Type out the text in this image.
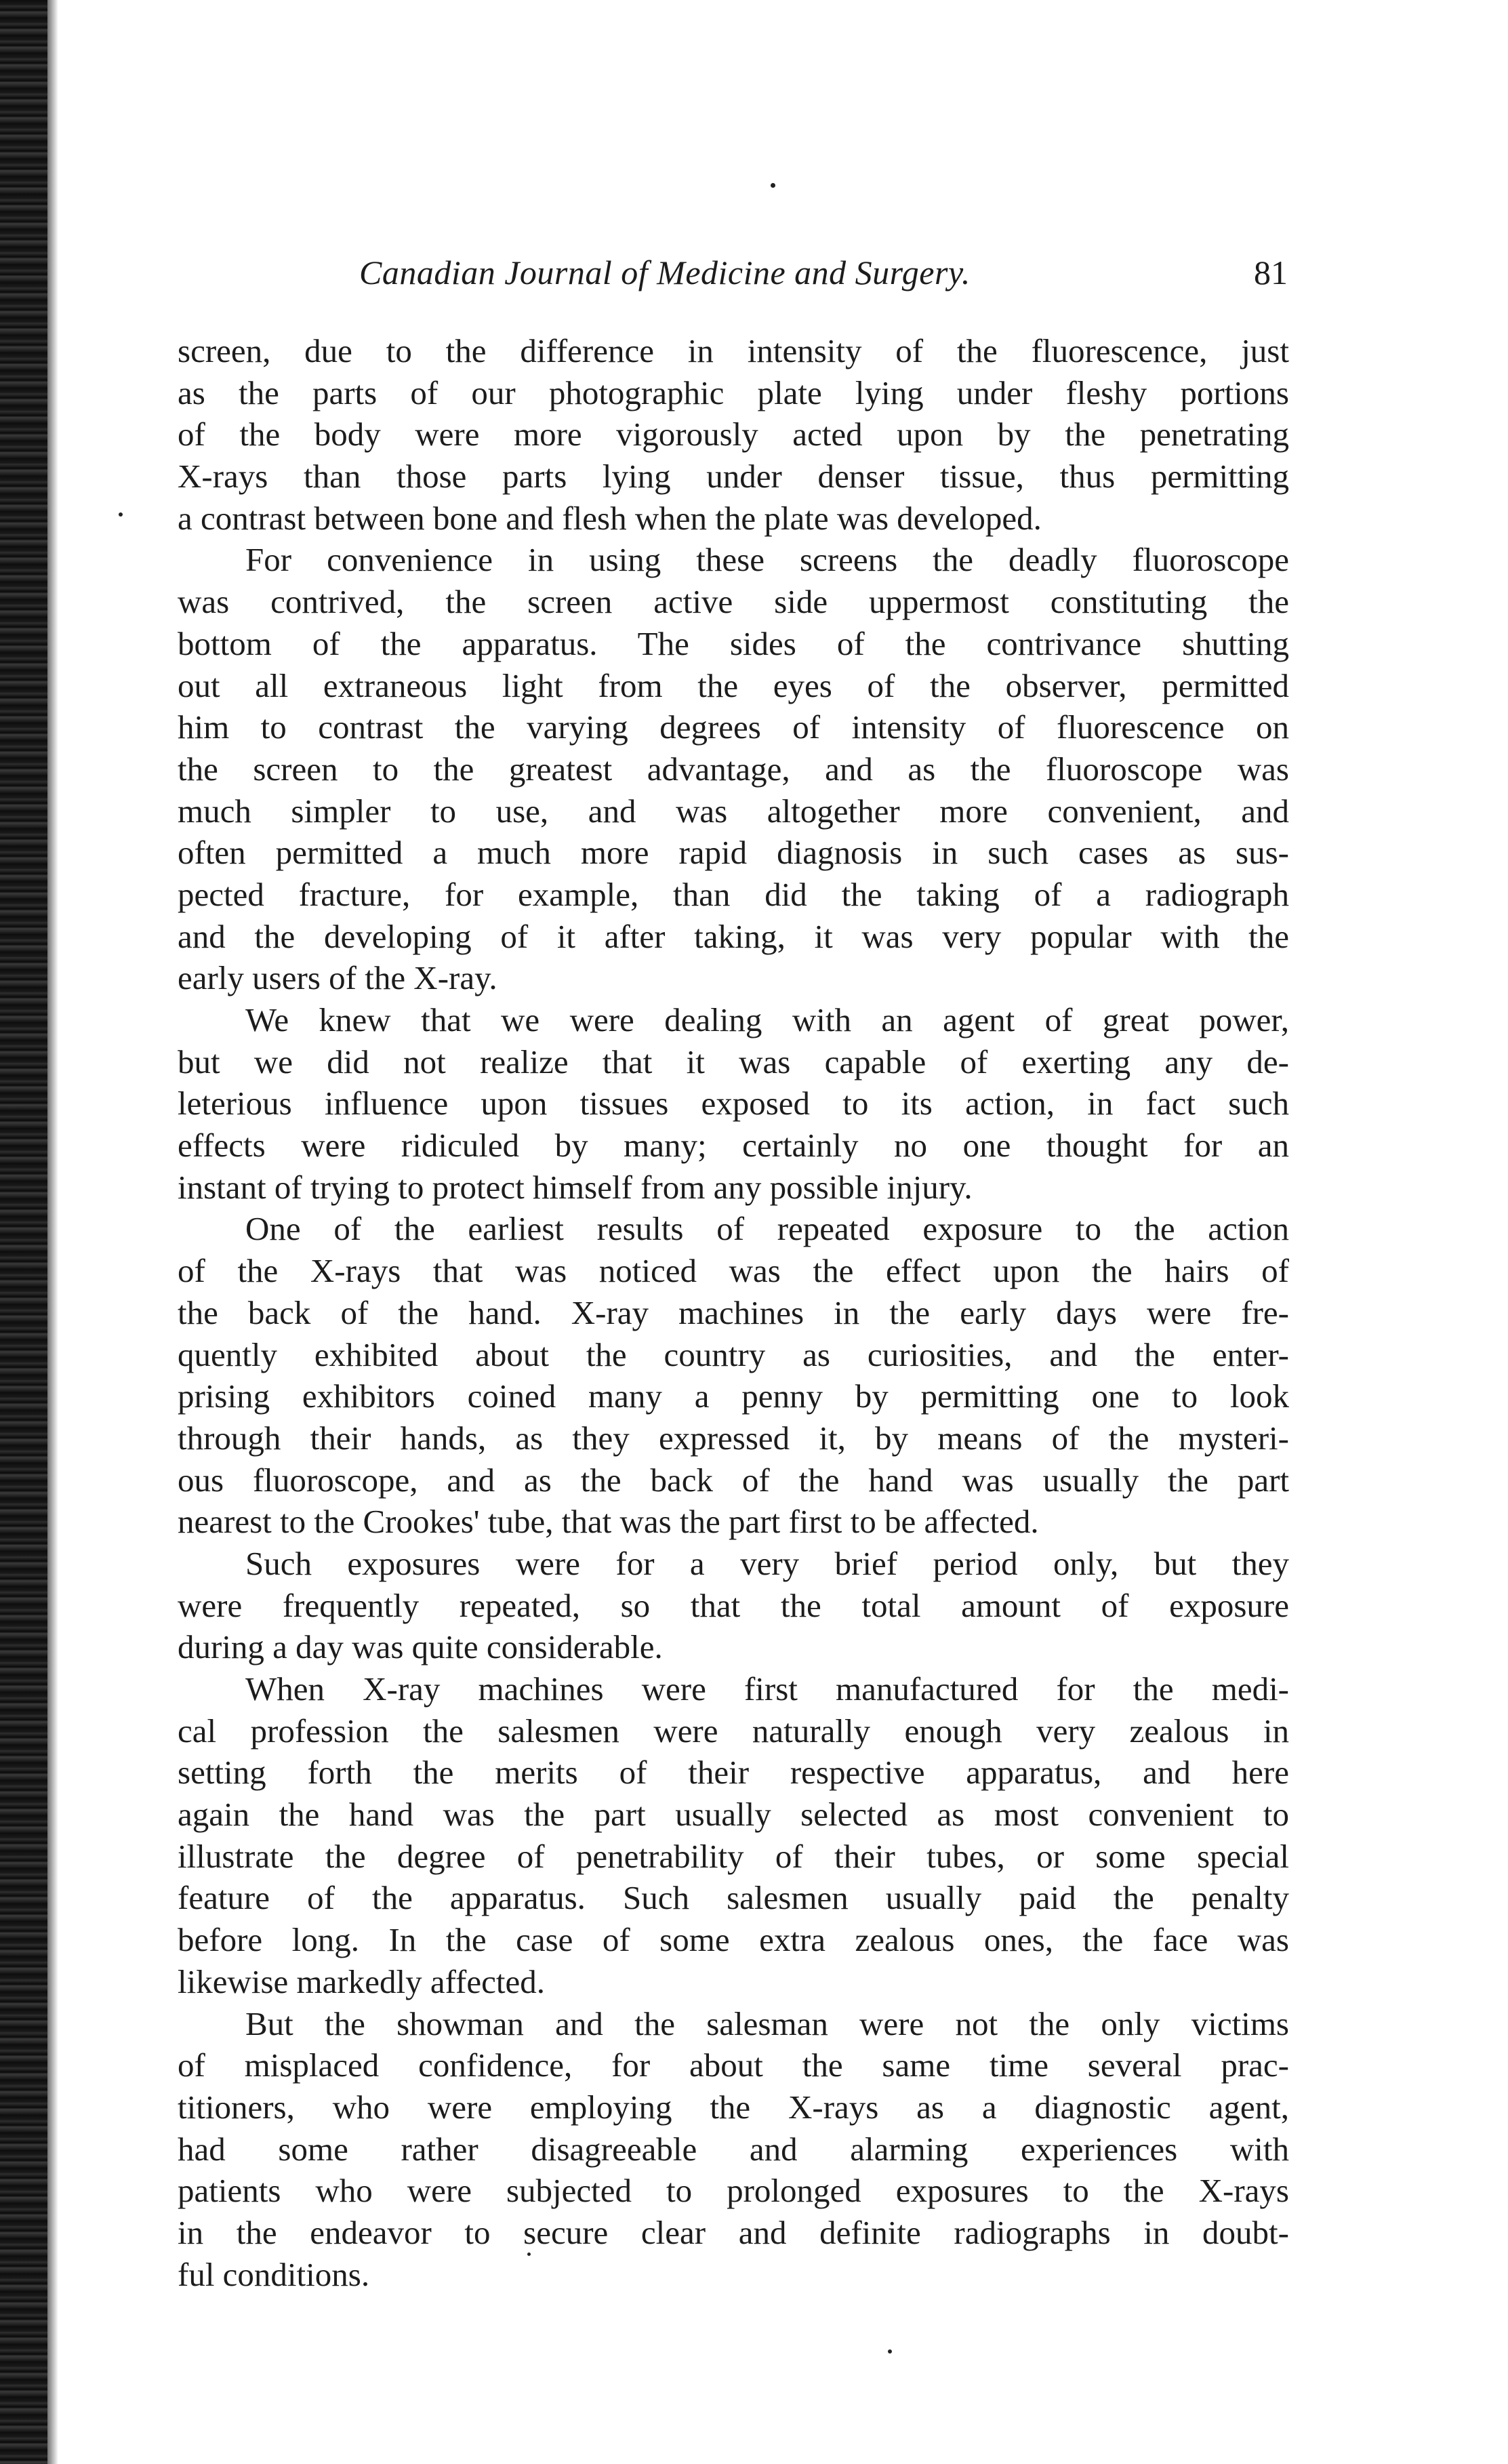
Canadian Journal of Medicine and Surgery.	81
screen, due to the difference in intensity of the fluorescence, just
as the parts of our photographic plate lying under fleshy portions
of the body were more vigorously acted upon by the penetrating
X-rays than those parts lying under denser tissue, thus permitting
a contrast between bone and flesh when the plate was developed.
For convenience in using these screens the deadly fluoroscope
was contrived, the screen active side uppermost constituting the
bottom of the apparatus. The sides of the contrivance shutting
out all extraneous light from the eyes of the observer, permitted
him to contrast the varying degrees of intensity of fluorescence on
the screen to the greatest advantage, and as the fluoroscope was
much simpler to use, and was altogether more convenient, and
often permitted a much more rapid diagnosis in such cases as sus-
pected fracture, for example, than did the taking of a radiograph
and the developing of it after taking, it was very popular with the
early users of the X-ray.
We knew that we were dealing with an agent of great power,
but we did not realize that it was capable of exerting any de-
leterious influence upon tissues exposed to its action, in fact such
effects were ridiculed by many; certainly no one thought for an
instant of trying to protect himself from any possible injury.
One of the earliest results of repeated exposure to the action
of the X-rays that was noticed was the effect upon the hairs of
the back of the hand. X-ray machines in the early days were fre-
quently exhibited about the country as curiosities, and the enter-
prising exhibitors coined many a penny by permitting one to look
through their hands, as they expressed it, by means of the mysteri-
ous fluoroscope, and as the back of the hand was usually the part
nearest to the Crookes' tube, that was the part first to be affected.
Such exposures were for a very brief period only, but they
were frequently repeated, so that the total amount of exposure
during a day was quite considerable.
When X-ray machines were first manufactured for the medi-
cal profession the salesmen were naturally enough very zealous in
setting forth the merits of their respective apparatus, and here
again the hand was the part usually selected as most convenient to
illustrate the degree of penetrability of their tubes, or some special
feature of the apparatus. Such salesmen usually paid the penalty
before long. In the case of some extra zealous ones, the face was
likewise markedly affected.
But the showman and the salesman were not the only victims
of misplaced confidence, for about the same time several prac-
titioners, who were employing the X-rays as a diagnostic agent,
had some rather disagreeable and alarming experiences with
patients who were subjected to prolonged exposures to the X-rays
in the endeavor to secure clear and definite radiographs in doubt-
ful conditions.
